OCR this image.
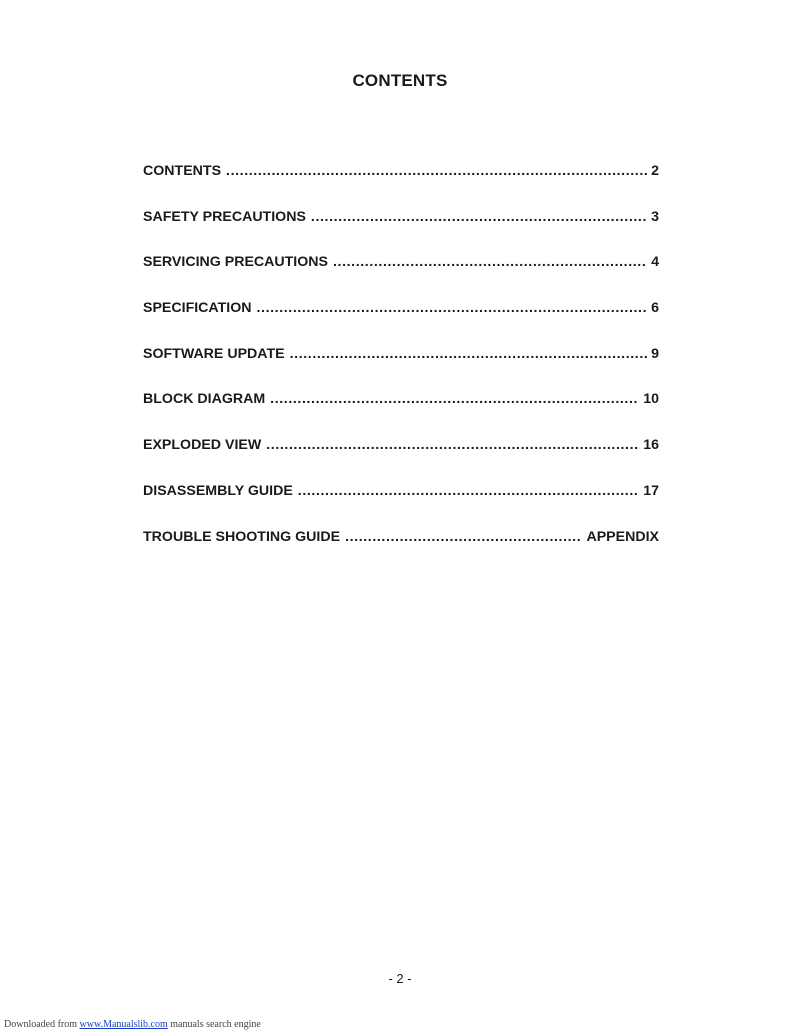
CONTENTS
CONTENTS .....	2
SAFETY PRECAUTIONS .....	3
SERVICING PRECAUTIONS .....	4
SPECIFICATION .....	6
SOFTWARE UPDATE .....	9
BLOCK DIAGRAM .....	10
EXPLODED VIEW .....	16
DISASSEMBLY GUIDE .....	17
TROUBLE SHOOTING GUIDE .....	APPENDIX
- 2 -
Downloaded from www.Manualslib.com manuals search engine
